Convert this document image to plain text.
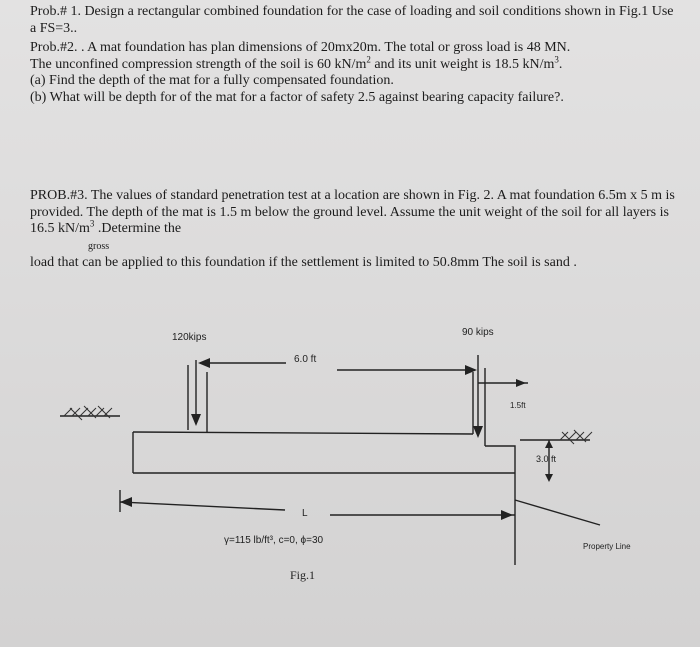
Prob.# 1. Design a rectangular combined foundation for the case of loading and soil conditions shown in Fig.1 Use a FS=3..

Prob.#2. . A mat foundation has plan dimensions of 20mx20m. The total or gross load is 48 MN.
The unconfined compression strength of the soil is 60 $kN/m^2$ and its unit weight is 18.5 $kN/m^3$.
(a) Find the depth of the mat for a fully compensated foundation.
(b) What will be depth for of the mat for a factor of safety 2.5 against bearing capacity failure?.

PROB.#3. The values of standard penetration test at a location are shown in Fig. 2. A mat foundation 6.5m x 5 m is provided. The depth of the mat is 1.5 m below the ground level. Assume the unit weight of the soil for all layers is 16.5 $kN/m^3$ .Determine the
gross
load that can be applied to this foundation if the settlement is limited to 50.8mm The soil is sand .

120kips	90 kips
6.0 ft
1.5ft
3.0 ft
L
γ=115 lb/ft³, c=0, ϕ=30
Fig.1
Property Line
